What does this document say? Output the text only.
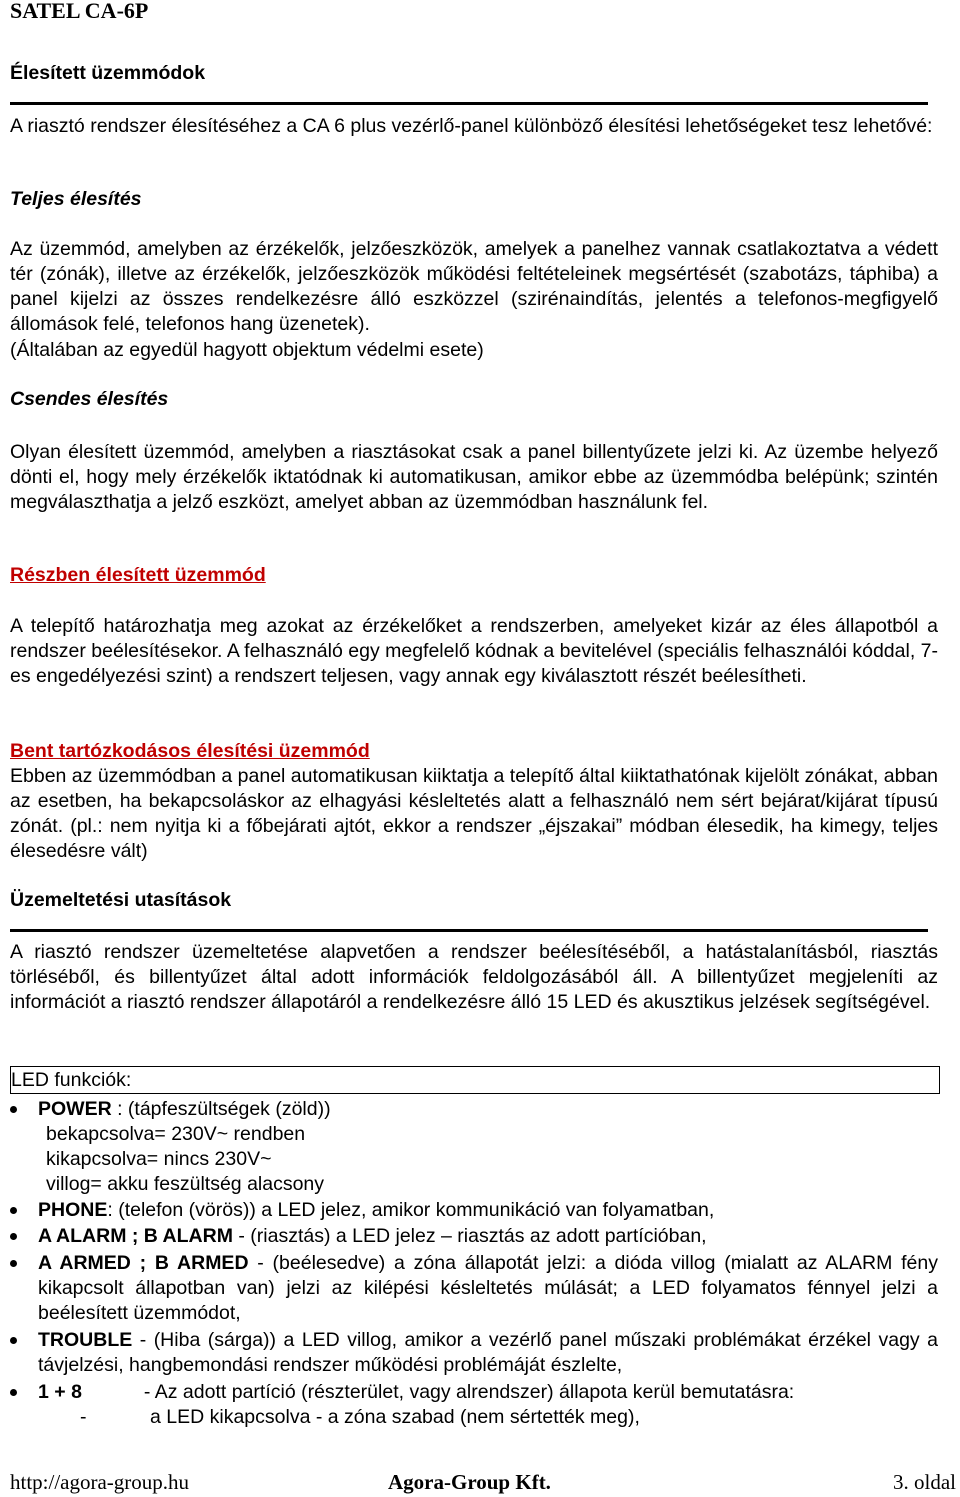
SATEL CA-6P

Élesített üzemmódok

A riasztó rendszer élesítéséhez a CA 6 plus vezérlő-panel különböző élesítési lehetőségeket tesz lehetővé:

Teljes élesítés

Az üzemmód, amelyben az érzékelők, jelzőeszközök, amelyek a panelhez vannak csatlakoztatva a védett tér (zónák), illetve az érzékelők, jelzőeszközök működési feltételeinek megsértését (szabotázs, táphiba) a panel kijelzi az összes rendelkezésre álló eszközzel (szirénaindítás, jelentés a telefonos-megfigyelő állomások felé, telefonos hang üzenetek).

(Általában az egyedül hagyott objektum védelmi esete)

Csendes élesítés

Olyan élesített üzemmód, amelyben a riasztásokat csak a panel billentyűzete jelzi ki. Az üzembe helyező dönti el, hogy mely érzékelők iktatódnak ki automatikusan, amikor ebbe az üzemmódba belépünk; szintén megválaszthatja a jelző eszközt, amelyet abban az üzemmódban használunk fel.

Részben élesített üzemmód

A telepítő határozhatja meg azokat az érzékelőket a rendszerben, amelyeket kizár az éles állapotból a rendszer beélesítésekor. A felhasználó egy megfelelő kódnak a bevitelével (speciális felhasználói kóddal, 7-es engedélyezési szint) a rendszert teljesen, vagy annak egy kiválasztott részét beélesítheti.

Bent tartózkodásos élesítési üzemmód

Ebben az üzemmódban a panel automatikusan kiiktatja a telepítő által kiiktathatónak kijelölt zónákat, abban az esetben, ha bekapcsoláskor az elhagyási késleltetés alatt a felhasználó nem sért bejárat/kijárat típusú zónát. (pl.: nem nyitja ki a főbejárati ajtót, ekkor a rendszer „éjszakai” módban élesedik, ha kimegy, teljes élesedésre vált)

Üzemeltetési utasítások

A riasztó rendszer üzemeltetése alapvetően a rendszer beélesítéséből, a hatástalanításból, riasztás törléséből, és billentyűzet által adott információk feldolgozásából áll. A billentyűzet megjeleníti az információt a riasztó rendszer állapotáról a rendelkezésre álló 15 LED és akusztikus jelzések segítségével.

LED funkciók:

POWER : (tápfeszültségek (zöld))

bekapcsolva= 230V~ rendben

kikapcsolva= nincs 230V~

villog= akku feszültség alacsony

PHONE: (telefon (vörös)) a LED jelez, amikor kommunikáció van folyamatban,

A ALARM ; B ALARM - (riasztás) a LED jelez – riasztás az adott partícióban,

A ARMED ; B ARMED - (beélesedve) a zóna állapotát jelzi: a dióda villog (mialatt az ALARM fény kikapcsolt állapotban van) jelzi az kilépési késleltetés múlását; a LED folyamatos fénnyel jelzi a beélesített üzemmódot,

TROUBLE - (Hiba (sárga)) a LED villog, amikor a vezérlő panel műszaki problémákat érzékel vagy a távjelzési, hangbemondási rendszer működési problémáját észlelte,

1 + 8	- Az adott partíció (részterület, vagy alrendszer) állapota kerül bemutatásra:

-	a LED kikapcsolva - a zóna szabad (nem sértették meg),

http://agora-group.hu	Agora-Group Kft.	3. oldal
